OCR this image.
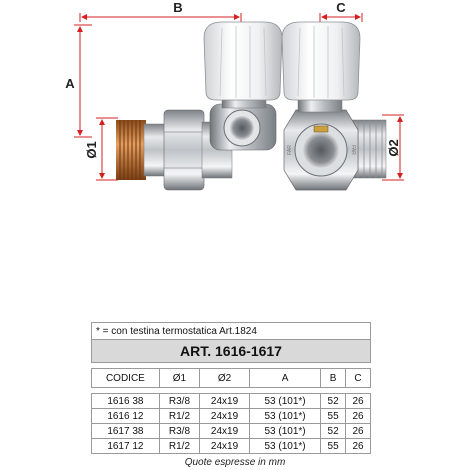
B	C
A
Ø1	Ø2
FAR	FAR
* = con testina termostatica Art.1824					
ART. 1616-1617					

CODICE	Ø1	Ø2	A	B	C

1616 38	R3/8	24x19	53 (101*)	52	26
1616 12	R1/2	24x19	53 (101*)	55	26
1617 38	R3/8	24x19	53 (101*)	52	26
1617 12	R1/2	24x19	53 (101*)	55	26
Quote espresse in mm
